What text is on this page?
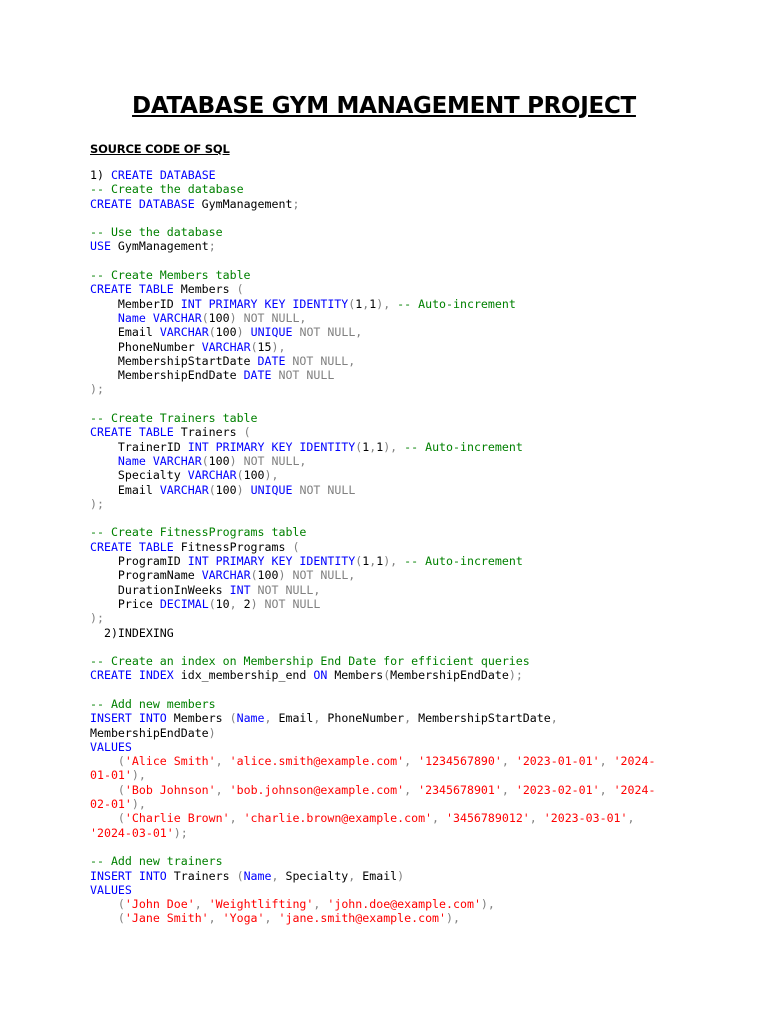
DATABASE GYM MANAGEMENT PROJECT
SOURCE CODE OF SQL
1) CREATE DATABASE
-- Create the database
CREATE DATABASE GymManagement;

-- Use the database
USE GymManagement;

-- Create Members table
CREATE TABLE Members (
MemberID INT PRIMARY KEY IDENTITY(1,1), -- Auto-increment
Name VARCHAR(100) NOT NULL,
Email VARCHAR(100) UNIQUE NOT NULL,
PhoneNumber VARCHAR(15),
MembershipStartDate DATE NOT NULL,
MembershipEndDate DATE NOT NULL
);

-- Create Trainers table
CREATE TABLE Trainers (
TrainerID INT PRIMARY KEY IDENTITY(1,1), -- Auto-increment
Name VARCHAR(100) NOT NULL,
Specialty VARCHAR(100),
Email VARCHAR(100) UNIQUE NOT NULL
);

-- Create FitnessPrograms table
CREATE TABLE FitnessPrograms (
ProgramID INT PRIMARY KEY IDENTITY(1,1), -- Auto-increment
ProgramName VARCHAR(100) NOT NULL,
DurationInWeeks INT NOT NULL,
Price DECIMAL(10, 2) NOT NULL
);
2)INDEXING

-- Create an index on Membership End Date for efficient queries
CREATE INDEX idx_membership_end ON Members(MembershipEndDate);

-- Add new members
INSERT INTO Members (Name, Email, PhoneNumber, MembershipStartDate,
MembershipEndDate)
VALUES
('Alice Smith', 'alice.smith@example.com', '1234567890', '2023-01-01', '2024-
01-01'),
('Bob Johnson', 'bob.johnson@example.com', '2345678901', '2023-02-01', '2024-
02-01'),
('Charlie Brown', 'charlie.brown@example.com', '3456789012', '2023-03-01',
'2024-03-01');

-- Add new trainers
INSERT INTO Trainers (Name, Specialty, Email)
VALUES
('John Doe', 'Weightlifting', 'john.doe@example.com'),
('Jane Smith', 'Yoga', 'jane.smith@example.com'),
